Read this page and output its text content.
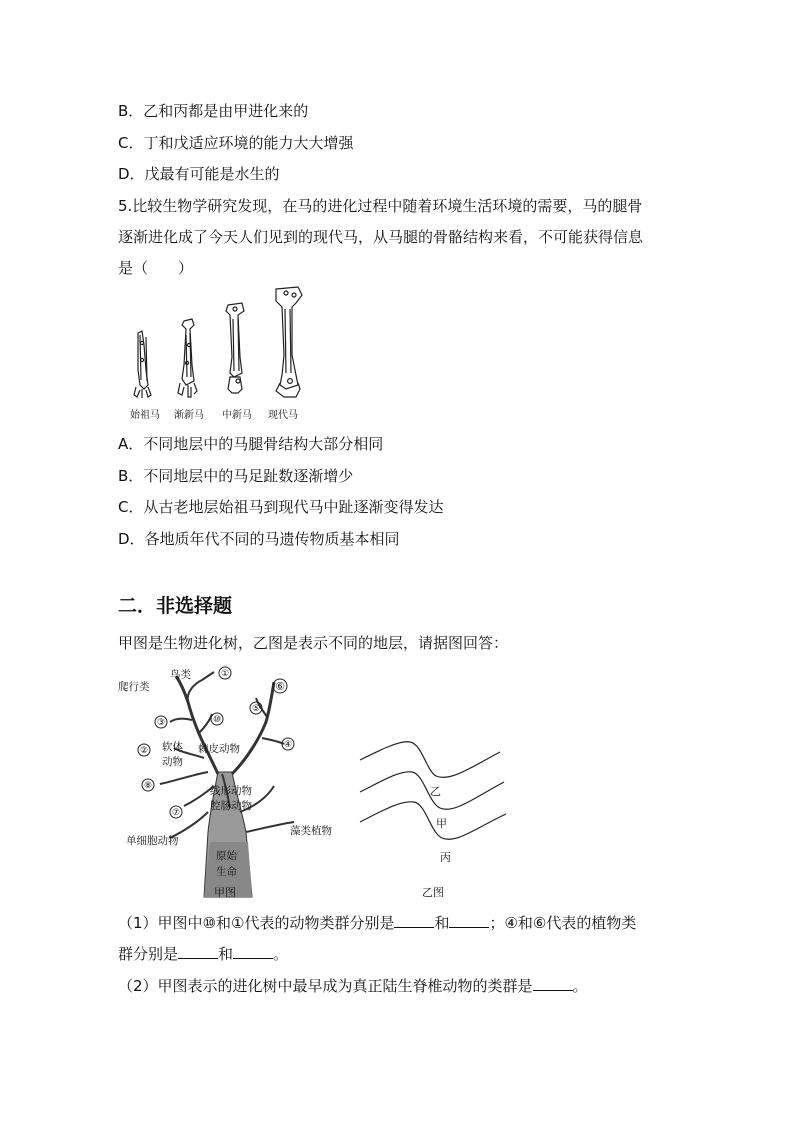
B．乙和丙都是由甲进化来的
C．丁和戊适应环境的能力大大增强
D．戊最有可能是水生的
5.比较生物学研究发现，在马的进化过程中随着环境生活环境的需要，马的腿骨
逐渐进化成了今天人们见到的现代马，从马腿的骨骼结构来看，不可能获得信息
是（　　）
始祖马 渐新马 中新马 现代马
A．不同地层中的马腿骨结构大部分相同
B．不同地层中的马足趾数逐渐增少
C．从古老地层始祖马到现代马中趾逐渐变得发达
D．各地质年代不同的马遗传物质基本相同
二．非选择题
甲图是生物进化树，乙图是表示不同的地层，请据图回答：
①
⑥
⑤
③	⑩
④
②
⑧
⑦
爬行类
鸟类
软体
动物
棘皮动物
线形动物
腔肠动物
单细胞动物
藻类植物
原始
生命
甲图
乙
甲
丙
乙图
（1）甲图中⑩和①代表的动物类群分别是	和	；④和⑥代表的植物类
群分别是	和	。
（2）甲图表示的进化树中最早成为真正陆生脊椎动物的类群是	。
